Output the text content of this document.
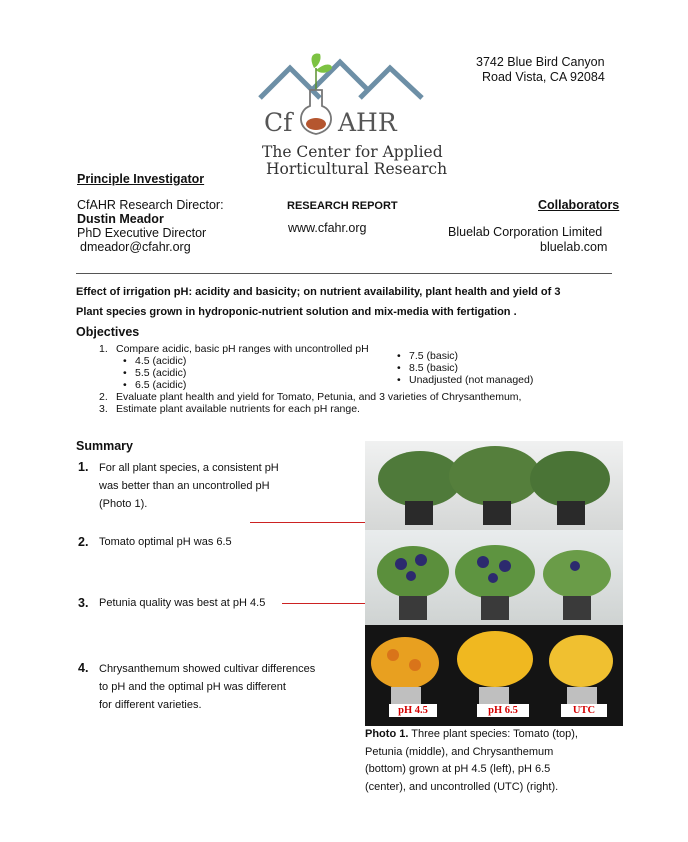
3742 Blue Bird Canyon
Road Vista, CA 92084
Cf AHR
The Center for Applied
Horticultural Research
Principle Investigator
CfAHR Research Director:
Dustin Meador
PhD Executive Director
dmeador@cfahr.org
RESEARCH REPORT
www.cfahr.org
Collaborators
Bluelab Corporation Limited
bluelab.com
Effect of irrigation pH: acidity and basicity; on nutrient availability, plant health and yield of 3
Plant species grown in hydroponic-nutrient solution and mix-media with fertigation .
Objectives
1. Compare acidic, basic pH ranges with uncontrolled pH
• 4.5 (acidic)
• 5.5 (acidic)
• 6.5 (acidic)
• 7.5 (basic)
• 8.5 (basic)
• Unadjusted (not managed)
2. Evaluate plant health and yield for Tomato, Petunia, and 3 varieties of Chrysanthemum,
3. Estimate plant available nutrients for each pH range.
Summary
1. For all plant species, a consistent pH
was better than an uncontrolled pH
(Photo 1).
2. Tomato optimal pH was 6.5
3. Petunia quality was best at pH 4.5
4. Chrysanthemum showed cultivar differences
to pH and the optimal pH was different
for different varieties.	pH 4.5	pH 6.5	UTC
Photo 1. Three plant species: Tomato (top),
Petunia (middle), and Chrysanthemum
(bottom) grown at pH 4.5 (left), pH 6.5
(center), and uncontrolled (UTC) (right).
